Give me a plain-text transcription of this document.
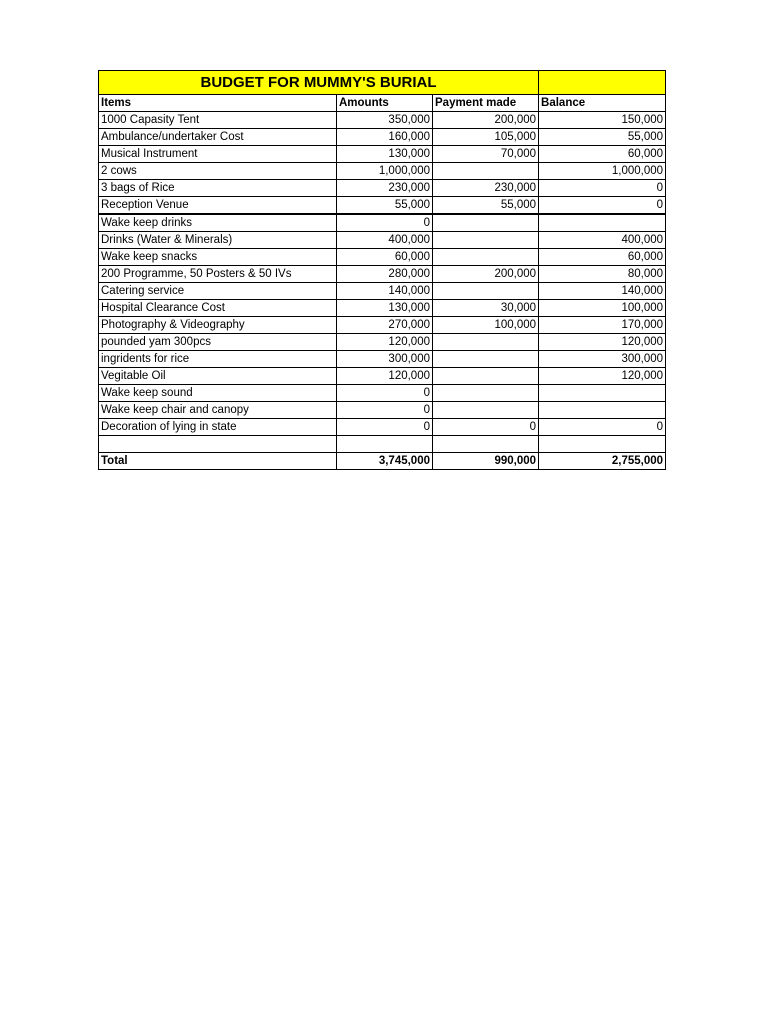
BUDGET FOR MUMMY'S BURIAL			
Items	Amounts	Payment made	Balance
1000 Capasity Tent	350,000	200,000	150,000
Ambulance/undertaker Cost	160,000	105,000	55,000
Musical Instrument	130,000	70,000	60,000
2 cows	1,000,000		1,000,000
3 bags of Rice	230,000	230,000	0
Reception Venue	55,000	55,000	0
Wake keep drinks	0		
Drinks (Water & Minerals)	400,000		400,000
Wake keep snacks	60,000		60,000
200 Programme, 50 Posters & 50 IVs	280,000	200,000	80,000
Catering service	140,000		140,000
Hospital Clearance Cost	130,000	30,000	100,000
Photography & Videography	270,000	100,000	170,000
pounded yam 300pcs	120,000		120,000
ingridents for rice	300,000		300,000
Vegitable Oil	120,000		120,000
Wake keep sound	0		
Wake keep chair and canopy	0		
Decoration of lying in state	0	0	0

Total	3,745,000	990,000	2,755,000
